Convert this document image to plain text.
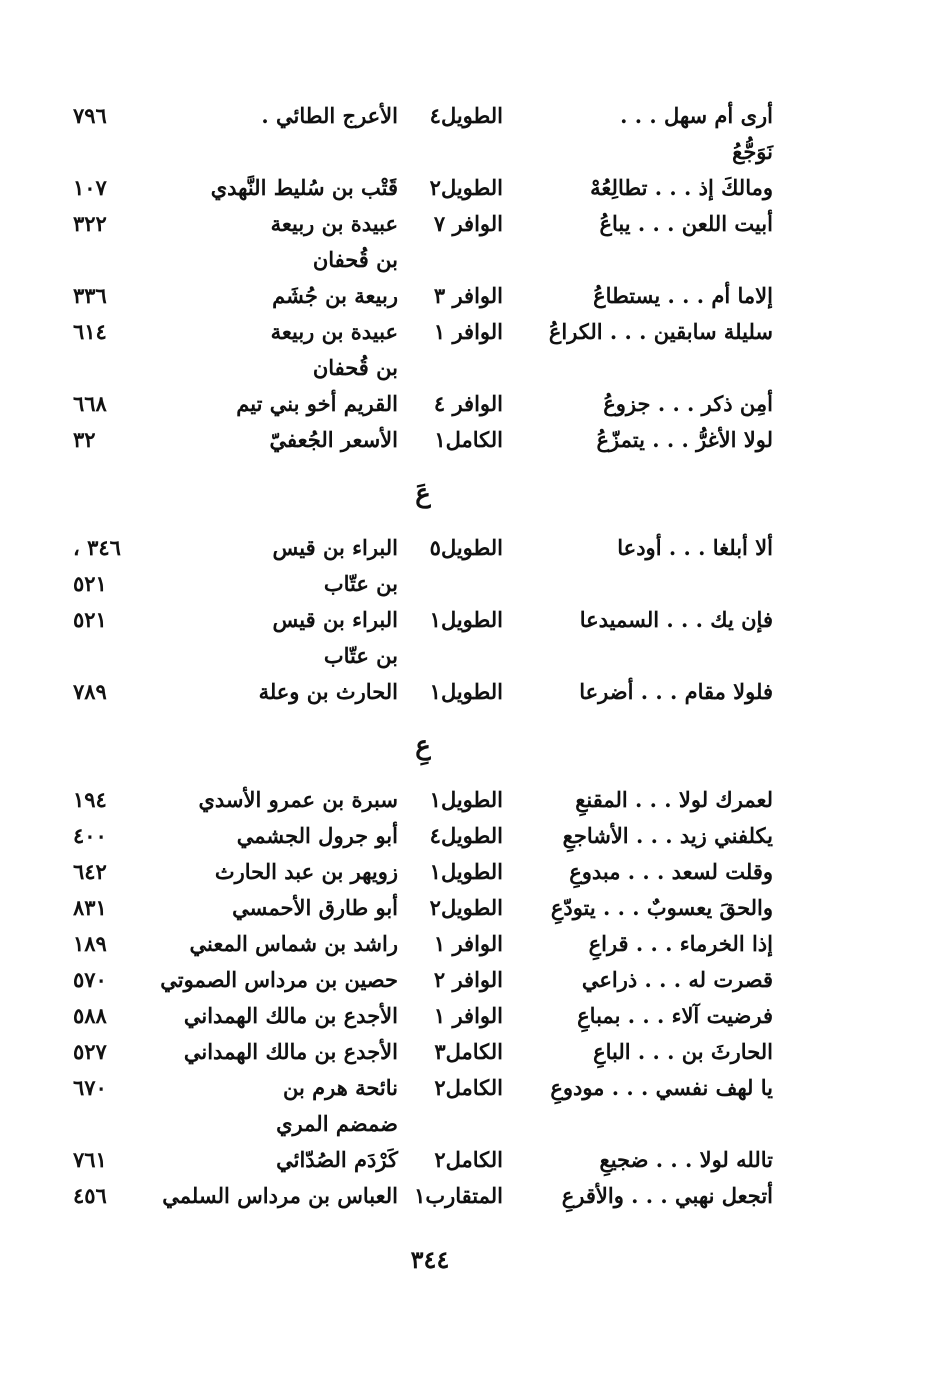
أرى أم سهل . . .
نَوَجُّعُ
الطويل٤
الأعرج الطائي .
٧٩٦
ومالكَ إذ . . . تطالِعُهْ
الطويل٢
قَتْب بن سُليط النَّهدي
١٠٧
أبيت اللعن . . . يباعُ
الوافر ٧
عبيدة بن ربيعة
بن قُحفان
٣٢٢
إلاما أم . . . يستطاعُ
الوافر ٣
ربيعة بن جُشَم
٣٣٦
سليلة سابقين . . . الكراعُ
الوافر ١
عبيدة بن ربيعة
بن قُحفان
٦١٤
أمِن ذكر . . . جزوعُ
الوافر ٤
القريم أخو بني تيم
٦٦٨
لولا الأغرُّ . . . يتمزّعُ
الكامل١
الأسعر الجُعفيّ
٣٢
عَ
ألا أبلغا . . . أودعا
الطويل٥
البراء بن قيس
بن عتّاب
٣٤٦ ،
٥٢١
فإن يك . . . السميدعا
الطويل١
البراء بن قيس
بن عتّاب
٥٢١
فلولا مقام . . . أضرعا
الطويل١
الحارث بن وعلة
٧٨٩
عِ
لعمرك لولا . . . المقنعِ
الطويل١
سبرة بن عمرو الأسدي
١٩٤
يكلفني زيد . . . الأشاجعِ
الطويل٤
أبو جرول الجشمي
٤٠٠
وقلت لسعد . . . مبدوعِ
الطويل١
زويهر بن عبد الحارث
٦٤٢
والحقَ يعسوبٌ . . . يتودّعِ
الطويل٢
أبو طارق الأحمسي
٨٣١
إذا الخرماء . . . قراعِ
الوافر ١
راشد بن شماس المعني
١٨٩
قصرت له . . . ذراعي
الوافر ٢
حصين بن مرداس الصموتي
٥٧٠
فرضيت آلاء . . . بمباعِ
الوافر ١
الأجدع بن مالك الهمداني
٥٨٨
الحارثَ بن . . . الباعِ
الكامل٣
الأجدع بن مالك الهمداني
٥٢٧
يا لهف نفسي . . . مودوعِ
الكامل٢
نائحة هرم بن
ضمضم المري
٦٧٠
تالله لولا . . . ضجيعِ
الكامل٢
كَرْدَم الصُدّائي
٧٦١
أتجعل نهبي . . . والأقرعِ
المتقارب١
العباس بن مرداس السلمي
٤٥٦
٣٤٤
